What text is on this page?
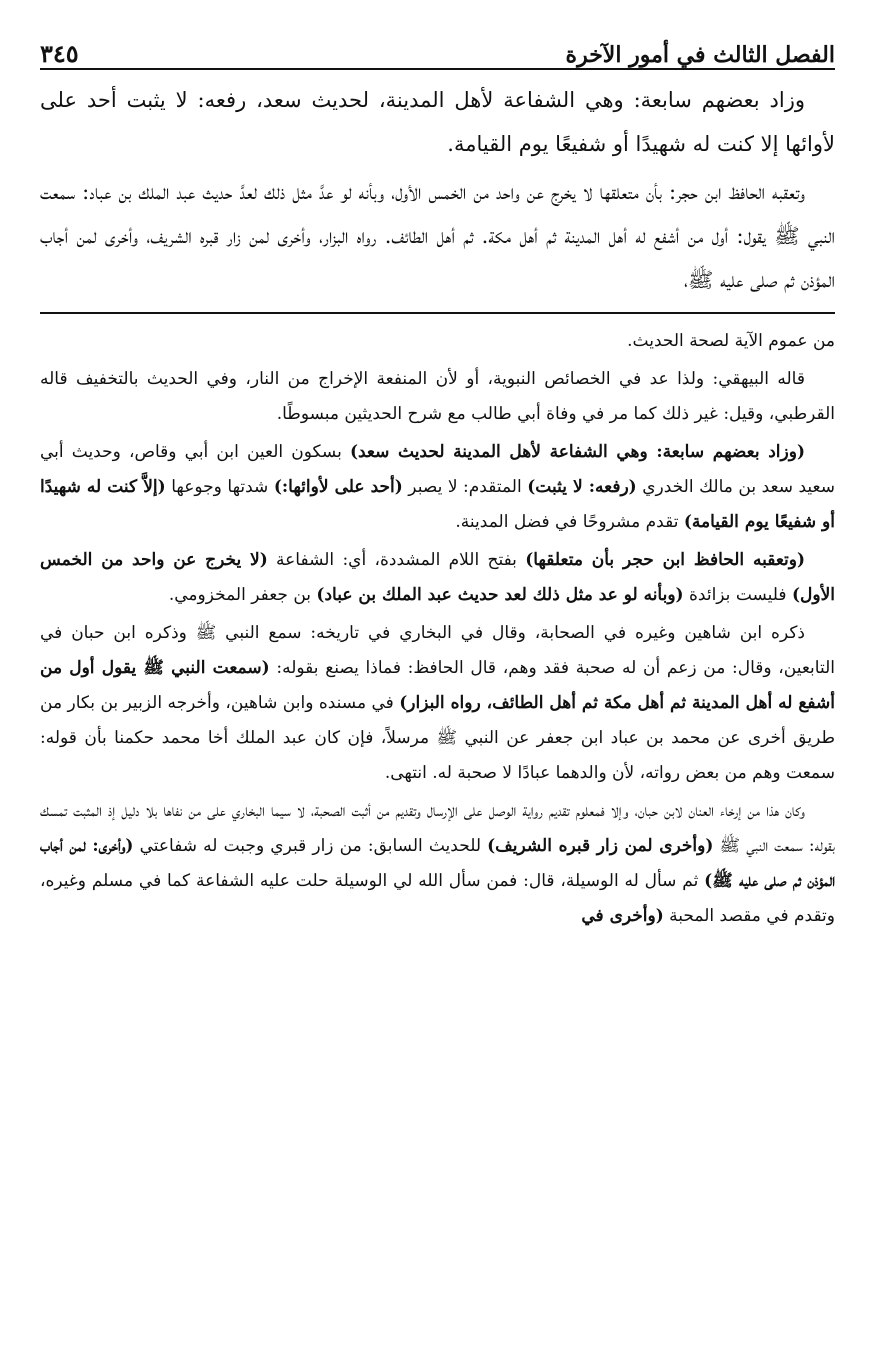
الفصل الثالث في أمور الآخرة
٣٤٥

وزاد بعضهم سابعة: وهي الشفاعة لأهل المدينة، لحديث سعد، رفعه: لا يثبت أحد على لأوائها إلا كنت له شهيدًا أو شفيعًا يوم القيامة.

وتعقبه الحافظ ابن حجر: بأن متعلقها لا يخرج عن واحد من الخمس الأول، وبأنه لو عدَّ مثل ذلك لعدَّ حديث عبد الملك بن عباد: سمعت النبي ﷺ يقول: أول من أشفع له أهل المدينة ثم أهل مكة. ثم أهل الطائف. رواه البزار، وأخرى لمن زار قبره الشريف، وأخرى لمن أجاب المؤذن ثم صلى عليه ﷺ،

من عموم الآية لصحة الحديث.

قاله البيهقي: ولذا عد في الخصائص النبوية، أو لأن المنفعة الإخراج من النار، وفي الحديث بالتخفيف قاله القرطبي، وقيل: غير ذلك كما مر في وفاة أبي طالب مع شرح الحديثين مبسوطًا.

(وزاد بعضهم سابعة: وهي الشفاعة لأهل المدينة لحديث سعد) بسكون العين ابن أبي وقاص، وحديث أبي سعيد سعد بن مالك الخدري (رفعه: لا يثبت) المتقدم: لا يصبر (أحد على لأوائها:) شدتها وجوعها (إلاَّ كنت له شهيدًا أو شفيعًا يوم القيامة) تقدم مشروحًا في فضل المدينة.

(وتعقبه الحافظ ابن حجر بأن متعلقها) بفتح اللام المشددة، أي: الشفاعة (لا يخرج عن واحد من الخمس الأول) فليست بزائدة (وبأنه لو عد مثل ذلك لعد حديث عبد الملك بن عباد) بن جعفر المخزومي.

ذكره ابن شاهين وغيره في الصحابة، وقال في البخاري في تاريخه: سمع النبي ﷺ وذكره ابن حبان في التابعين، وقال: من زعم أن له صحبة فقد وهم، قال الحافظ: فماذا يصنع بقوله: (سمعت النبي ﷺ يقول أول من أشفع له أهل المدينة ثم أهل مكة ثم أهل الطائف، رواه البزار) في مسنده وابن شاهين، وأخرجه الزبير بن بكار من طريق أخرى عن محمد بن عباد ابن جعفر عن النبي ﷺ مرسلاً، فإن كان عبد الملك أخا محمد حكمنا بأن قوله: سمعت وهم من بعض رواته، لأن والدهما عبادًا لا صحبة له. انتهى.

وكان هذا من إرخاء العنان لابن حبان، وإلا فمعلوم تقديم رواية الوصل على الإرسال وتقديم من أثبت الصحبة، لا سيما البخاري على من نفاها بلا دليل إذ المثبت تمسك بقوله: سمعت النبي ﷺ (وأخرى لمن زار قبره الشريف) للحديث السابق: من زار قبري وجبت له شفاعتي (وأخرى: لمن أجاب المؤذن ثم صلى عليه ﷺ) ثم سأل له الوسيلة، قال: فمن سأل الله لي الوسيلة حلت عليه الشفاعة كما في مسلم وغيره، وتقدم في مقصد المحبة (وأخرى في
